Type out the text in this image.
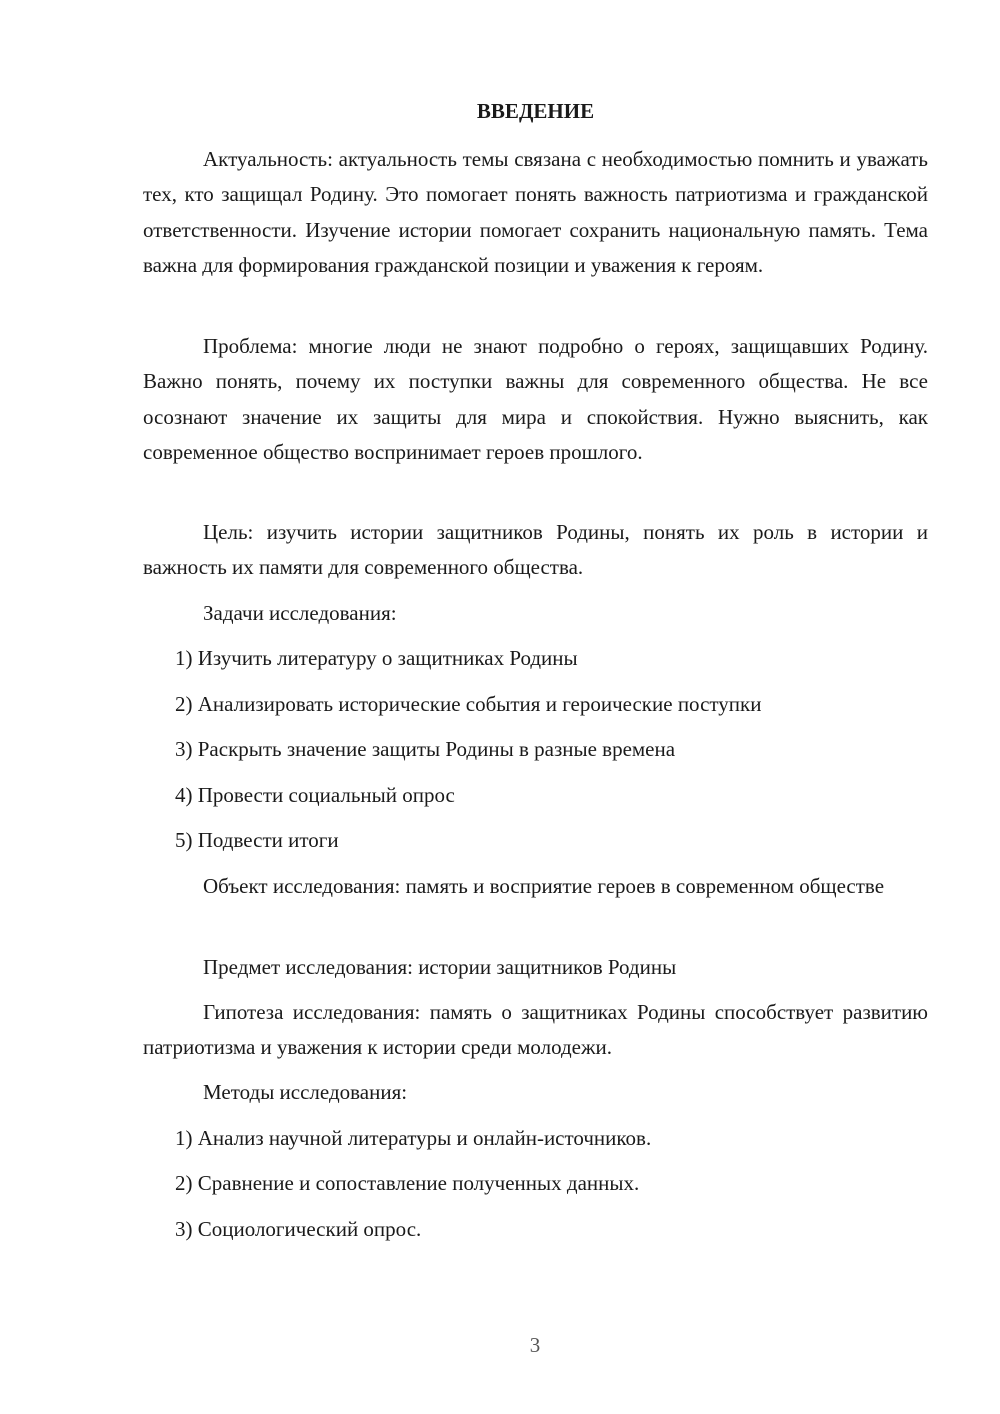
ВВЕДЕНИЕ

Актуальность: актуальность темы связана с необходимостью помнить и уважать тех, кто защищал Родину. Это помогает понять важность патриотизма и гражданской ответственности. Изучение истории помогает сохранить национальную память. Тема важна для формирования гражданской позиции и уважения к героям.

Проблема: многие люди не знают подробно о героях, защищавших Родину. Важно понять, почему их поступки важны для современного общества. Не все осознают значение их защиты для мира и спокойствия. Нужно выяснить, как современное общество воспринимает героев прошлого.

Цель: изучить истории защитников Родины, понять их роль в истории и важность их памяти для современного общества.

Задачи исследования:

1) Изучить литературу о защитниках Родины

2) Анализировать исторические события и героические поступки

3) Раскрыть значение защиты Родины в разные времена

4) Провести социальный опрос

5) Подвести итоги

Объект исследования: память и восприятие героев в современном обществе

Предмет исследования: истории защитников Родины

Гипотеза исследования: память о защитниках Родины способствует развитию патриотизма и уважения к истории среди молодежи.

Методы исследования:

1) Анализ научной литературы и онлайн-источников.

2) Сравнение и сопоставление полученных данных.

3) Социологический опрос.

3
